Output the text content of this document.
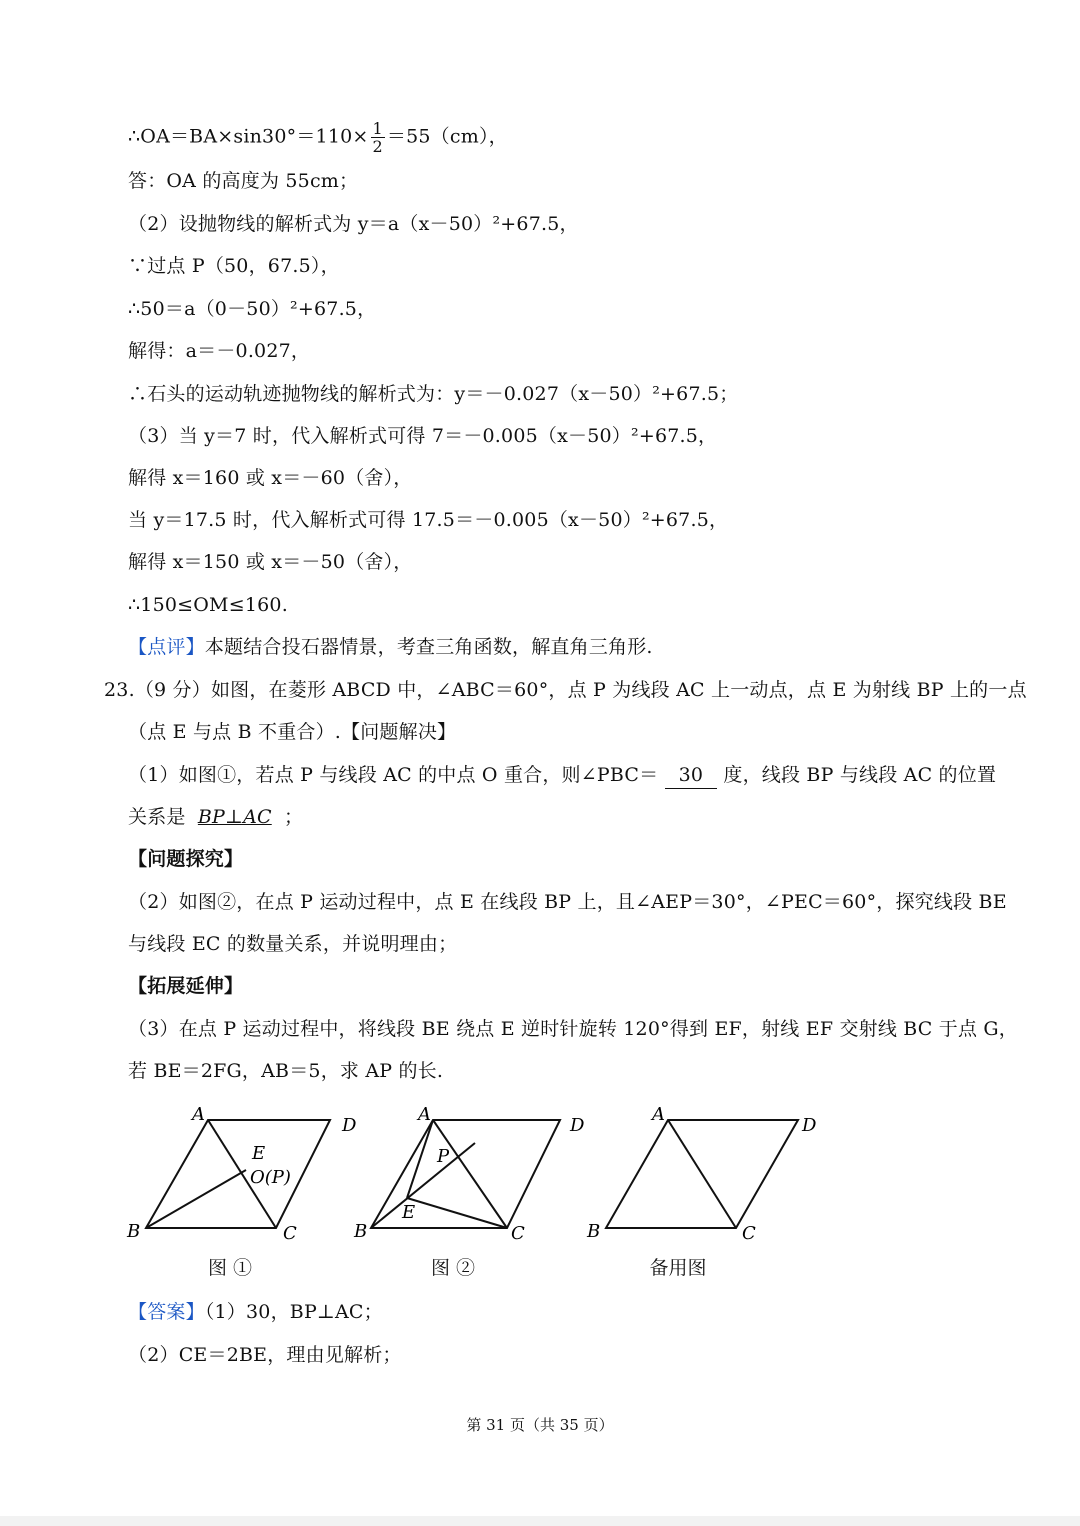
∴OA＝BA×sin30°＝110× $\frac{1}{2} =55(cm)$，
答：OA 的高度为 55cm；
（2）设抛物线的解析式为 y＝a（x－50）²+67.5，
∵过点 P（50，67.5），
∴50＝a（0－50）²+67.5，
解得：a＝－0.027，
∴石头的运动轨迹抛物线的解析式为：y＝－0.027（x－50）²+67.5；
（3）当 y＝7 时，代入解析式可得 7＝－0.005（x－50）²+67.5，
解得 x＝160 或 x＝－60（舍），
当 y＝17.5 时，代入解析式可得 17.5＝－0.005（x－50）²+67.5，
解得 x＝150 或 x＝－50（舍），
∴150≤OM≤160.
【点评】本题结合投石器情景，考查三角函数，解直角三角形.
23.（9 分）如图，在菱形 ABCD 中，∠ABC＝60°，点 P 为线段 AC 上一动点，点 E 为射线 BP 上的一点
（点 E 与点 B 不重合）.【问题解决】
（1）如图①，若点 P 与线段 AC 的中点 O 重合，则∠PBC＝ 30 度，线段 BP 与线段 AC 的位置
关系是 BP⊥AC ；
【问题探究】
（2）如图②，在点 P 运动过程中，点 E 在线段 BP 上，且∠AEP＝30°，∠PEC＝60°，探究线段 BE
与线段 EC 的数量关系，并说明理由；
【拓展延伸】
（3）在点 P 运动过程中，将线段 BE 绕点 E 逆时针旋转 120°得到 EF，射线 EF 交射线 BC 于点 G，
若 BE＝2FG，AB＝5，求 AP 的长.
A
D
B	C
E
O(P)
图 ①
A
D
B	C
P
E
图 ②
A
D
B	C
备用图
【答案】（1）30，BP⊥AC；
（2）CE＝2BE，理由见解析；
第 31 页（共 35 页）
